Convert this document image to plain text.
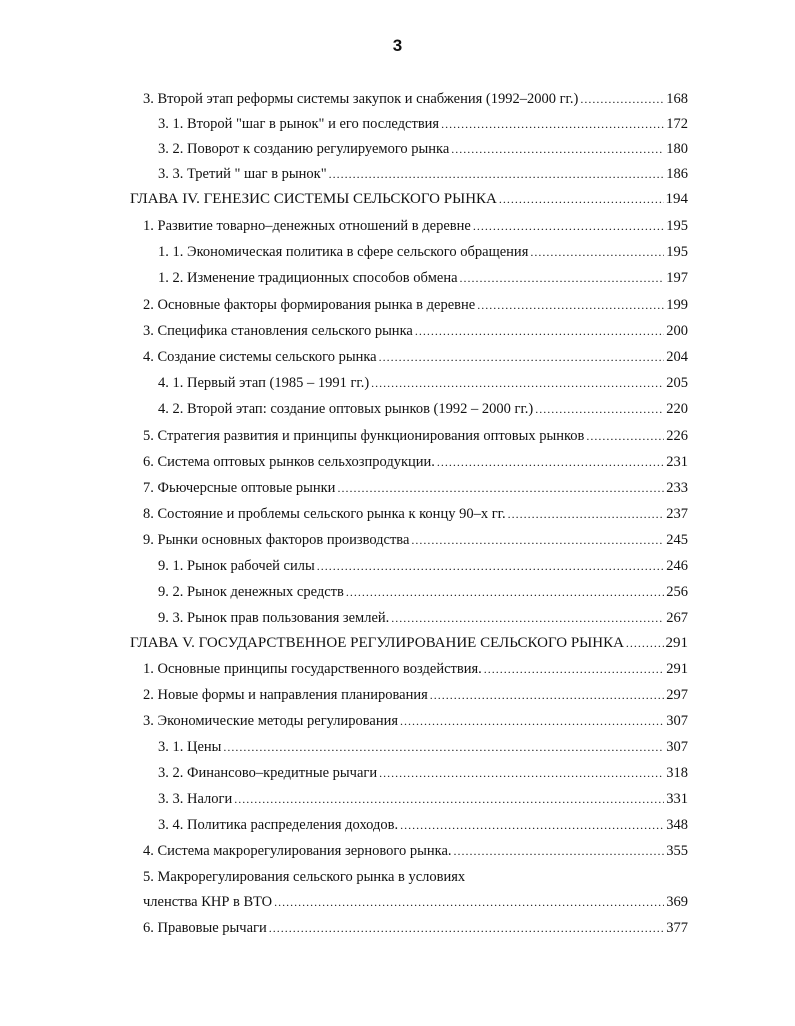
3
3. Второй этап реформы системы закупок и снабжения (1992–2000 гг.) .....	168
3. 1. Второй "шаг в рынок" и его последствия .....	172
3. 2. Поворот к созданию регулируемого рынка .....	180
3. 3. Третий " шаг в рынок" .....	186
ГЛАВА IV. ГЕНЕЗИС СИСТЕМЫ СЕЛЬСКОГО РЫНКА .....	194
1. Развитие товарно–денежных отношений в деревне .....	195
1. 1. Экономическая политика в сфере сельского обращения .....	195
1. 2. Изменение традиционных способов обмена .....	197
2. Основные факторы формирования рынка в деревне .....	199
3. Специфика становления сельского рынка .....	200
4. Создание системы сельского рынка .....	204
4. 1. Первый этап (1985 – 1991 гг.) .....	205
4. 2. Второй этап: создание оптовых рынков (1992 – 2000 гг.) .....	220
5. Стратегия развития и принципы функционирования оптовых рынков .....	226
6. Система оптовых рынков сельхозпродукции. .....	231
7. Фьючерсные оптовые рынки .....	233
8. Состояние и проблемы сельского рынка к концу 90–х гг. .....	237
9. Рынки основных факторов производства .....	245
9. 1. Рынок рабочей силы .....	246
9. 2. Рынок денежных средств .....	256
9. 3. Рынок прав пользования землей. .....	267
ГЛАВА V. ГОСУДАРСТВЕННОЕ РЕГУЛИРОВАНИЕ СЕЛЬСКОГО РЫНКА .....	291
1. Основные принципы государственного воздействия. .....	291
2. Новые формы и направления планирования .....	297
3. Экономические методы регулирования .....	307
3. 1. Цены .....	307
3. 2. Финансово–кредитные рычаги .....	318
3. 3. Налоги .....	331
3. 4. Политика распределения доходов. .....	348
4. Система макрорегулирования зернового рынка. .....	355
5. Макрорегулирования сельского рынка в условиях
членства КНР в ВТО .....	369
6. Правовые рычаги .....	377
